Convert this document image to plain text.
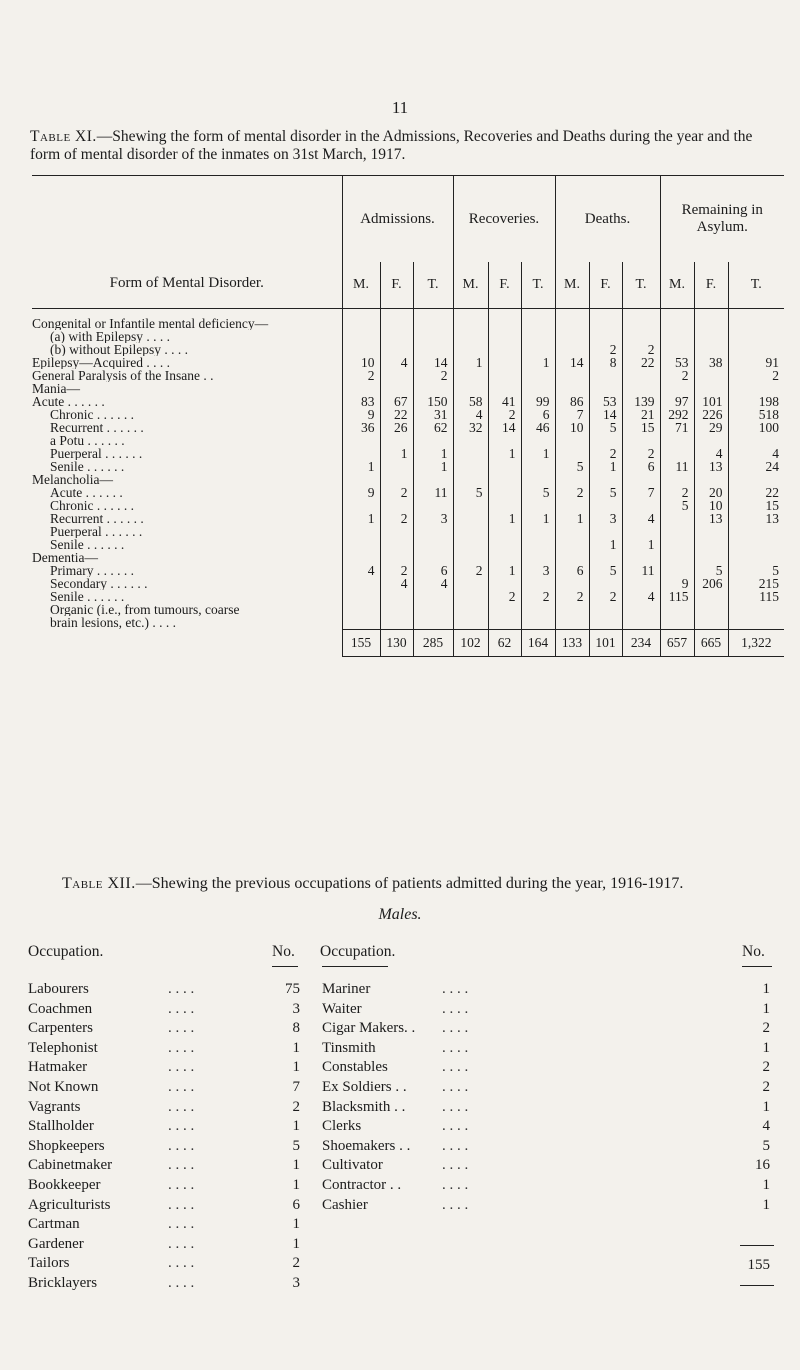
11
Table XI.—Shewing the form of mental disorder in the Admissions, Recoveries and Deaths during the year and the form of mental disorder of the inmates on 31st March, 1917.
Form of Mental Disorder.	Admissions.			Recoveries.			Deaths.			Remaining in Asylum.		
	M.	F.	T.	M.	F.	T.	M.	F.	T.	M.	F.	T.
Congenital or Infantile mental deficiency—												
(a) with Epilepsy . . . .												
(b) without Epilepsy . . . .								2	2			
Epilepsy—Acquired . . . .	10	4	14	1		1	14	8	22	53	38	91
General Paralysis of the Insane . .	2		2							2		2
Mania—												
Acute . . . . . .	83	67	150	58	41	99	86	53	139	97	101	198
Chronic . . . . . .	9	22	31	4	2	6	7	14	21	292	226	518
Recurrent . . . . . .	36	26	62	32	14	46	10	5	15	71	29	100
a Potu . . . . . .												
Puerperal . . . . . .		1	1		1	1		2	2		4	4
Senile . . . . . .	1		1				5	1	6	11	13	24
Melancholia—												
Acute . . . . . .	9	2	11	5		5	2	5	7	2	20	22
Chronic . . . . . .										5	10	15
Recurrent . . . . . .	1	2	3		1	1	1	3	4		13	13
Puerperal . . . . . .												
Senile . . . . . .								1	1			
Dementia—												
Primary . . . . . .	4	2	6	2	1	3	6	5	11		5	5
Secondary . . . . . .		4	4							9	206	215
Senile . . . . . .					2	2	2	2	4	115		115
Organic (i.e., from tumours, coarse												
brain lesions, etc.) . . . .												
	155	130	285	102	62	164	133	101	234	657	665	1,322
Table XII.—Shewing the previous occupations of patients admitted during the year, 1916-1917.
Males.
Occupation.	No. Occupation.	No.
Labourers	. . . .	75
Coachmen	. . . .	3
Carpenters	. . . .	8
Telephonist	. . . .	1
Hatmaker	. . . .	1
Not Known	. . . .	7
Vagrants	. . . .	2
Stallholder	. . . .	1
Shopkeepers	. . . .	5
Cabinetmaker	. . . .	1
Bookkeeper	. . . .	1
Agriculturists	. . . .	6
Cartman	. . . .	1
Gardener	. . . .	1
Tailors	. . . .	2
Bricklayers	. . . .	3
Mariner	. . . .	1
Waiter	. . . .	1
Cigar Makers. .	. . . .	2
Tinsmith	. . . .	1
Constables	. . . .	2
Ex Soldiers . .	. . . .	2
Blacksmith . .	. . . .	1
Clerks	. . . .	4
Shoemakers . .	. . . .	5
Cultivator	. . . .	16
Contractor . .	. . . .	1
Cashier	. . . .	1
155
